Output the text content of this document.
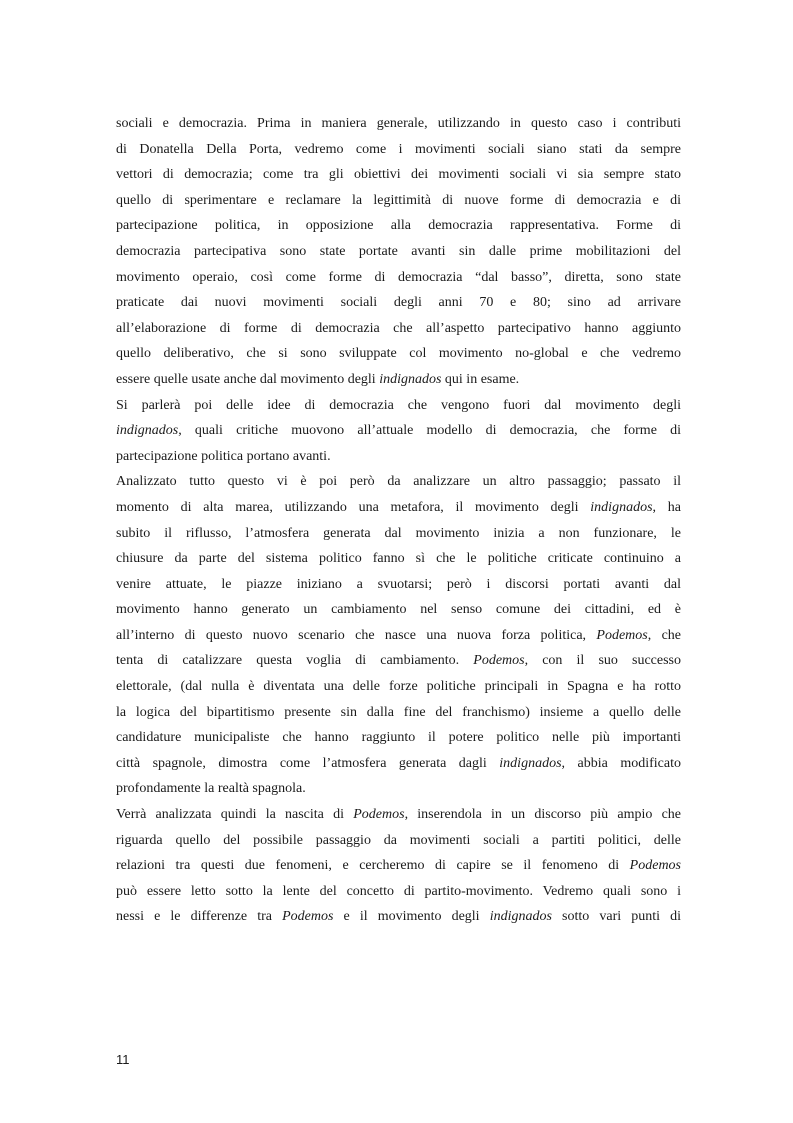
sociali e democrazia. Prima in maniera generale, utilizzando in questo caso i contributi
di Donatella Della Porta, vedremo come i movimenti sociali siano stati da sempre
vettori di democrazia; come tra gli obiettivi dei movimenti sociali vi sia sempre stato
quello di sperimentare e reclamare la legittimità di nuove forme di democrazia e di
partecipazione politica, in opposizione alla democrazia rappresentativa. Forme di
democrazia partecipativa sono state portate avanti sin dalle prime mobilitazioni del
movimento operaio, così come forme di democrazia “dal basso”, diretta, sono state
praticate dai nuovi movimenti sociali degli anni 70 e 80; sino ad arrivare
all’elaborazione di forme di democrazia che all’aspetto partecipativo hanno aggiunto
quello deliberativo, che si sono sviluppate col movimento no-global e che vedremo
essere quelle usate anche dal movimento degli indignados qui in esame.
Si parlerà poi delle idee di democrazia che vengono fuori dal movimento degli
indignados, quali critiche muovono all’attuale modello di democrazia, che forme di
partecipazione politica portano avanti.
Analizzato tutto questo vi è poi però da analizzare un altro passaggio; passato il
momento di alta marea, utilizzando una metafora, il movimento degli indignados, ha
subito il riflusso, l’atmosfera generata dal movimento inizia a non funzionare, le
chiusure da parte del sistema politico fanno sì che le politiche criticate continuino a
venire attuate, le piazze iniziano a svuotarsi; però i discorsi portati avanti dal
movimento hanno generato un cambiamento nel senso comune dei cittadini, ed è
all’interno di questo nuovo scenario che nasce una nuova forza politica, Podemos, che
tenta di catalizzare questa voglia di cambiamento. Podemos, con il suo successo
elettorale, (dal nulla è diventata una delle forze politiche principali in Spagna e ha rotto
la logica del bipartitismo presente sin dalla fine del franchismo) insieme a quello delle
candidature municipaliste che hanno raggiunto il potere politico nelle più importanti
città spagnole, dimostra come l’atmosfera generata dagli indignados, abbia modificato
profondamente la realtà spagnola.
Verrà analizzata quindi la nascita di Podemos, inserendola in un discorso più ampio che
riguarda quello del possibile passaggio da movimenti sociali a partiti politici, delle
relazioni tra questi due fenomeni, e cercheremo di capire se il fenomeno di Podemos
può essere letto sotto la lente del concetto di partito-movimento. Vedremo quali sono i
nessi e le differenze tra Podemos e il movimento degli indignados sotto vari punti di
11
